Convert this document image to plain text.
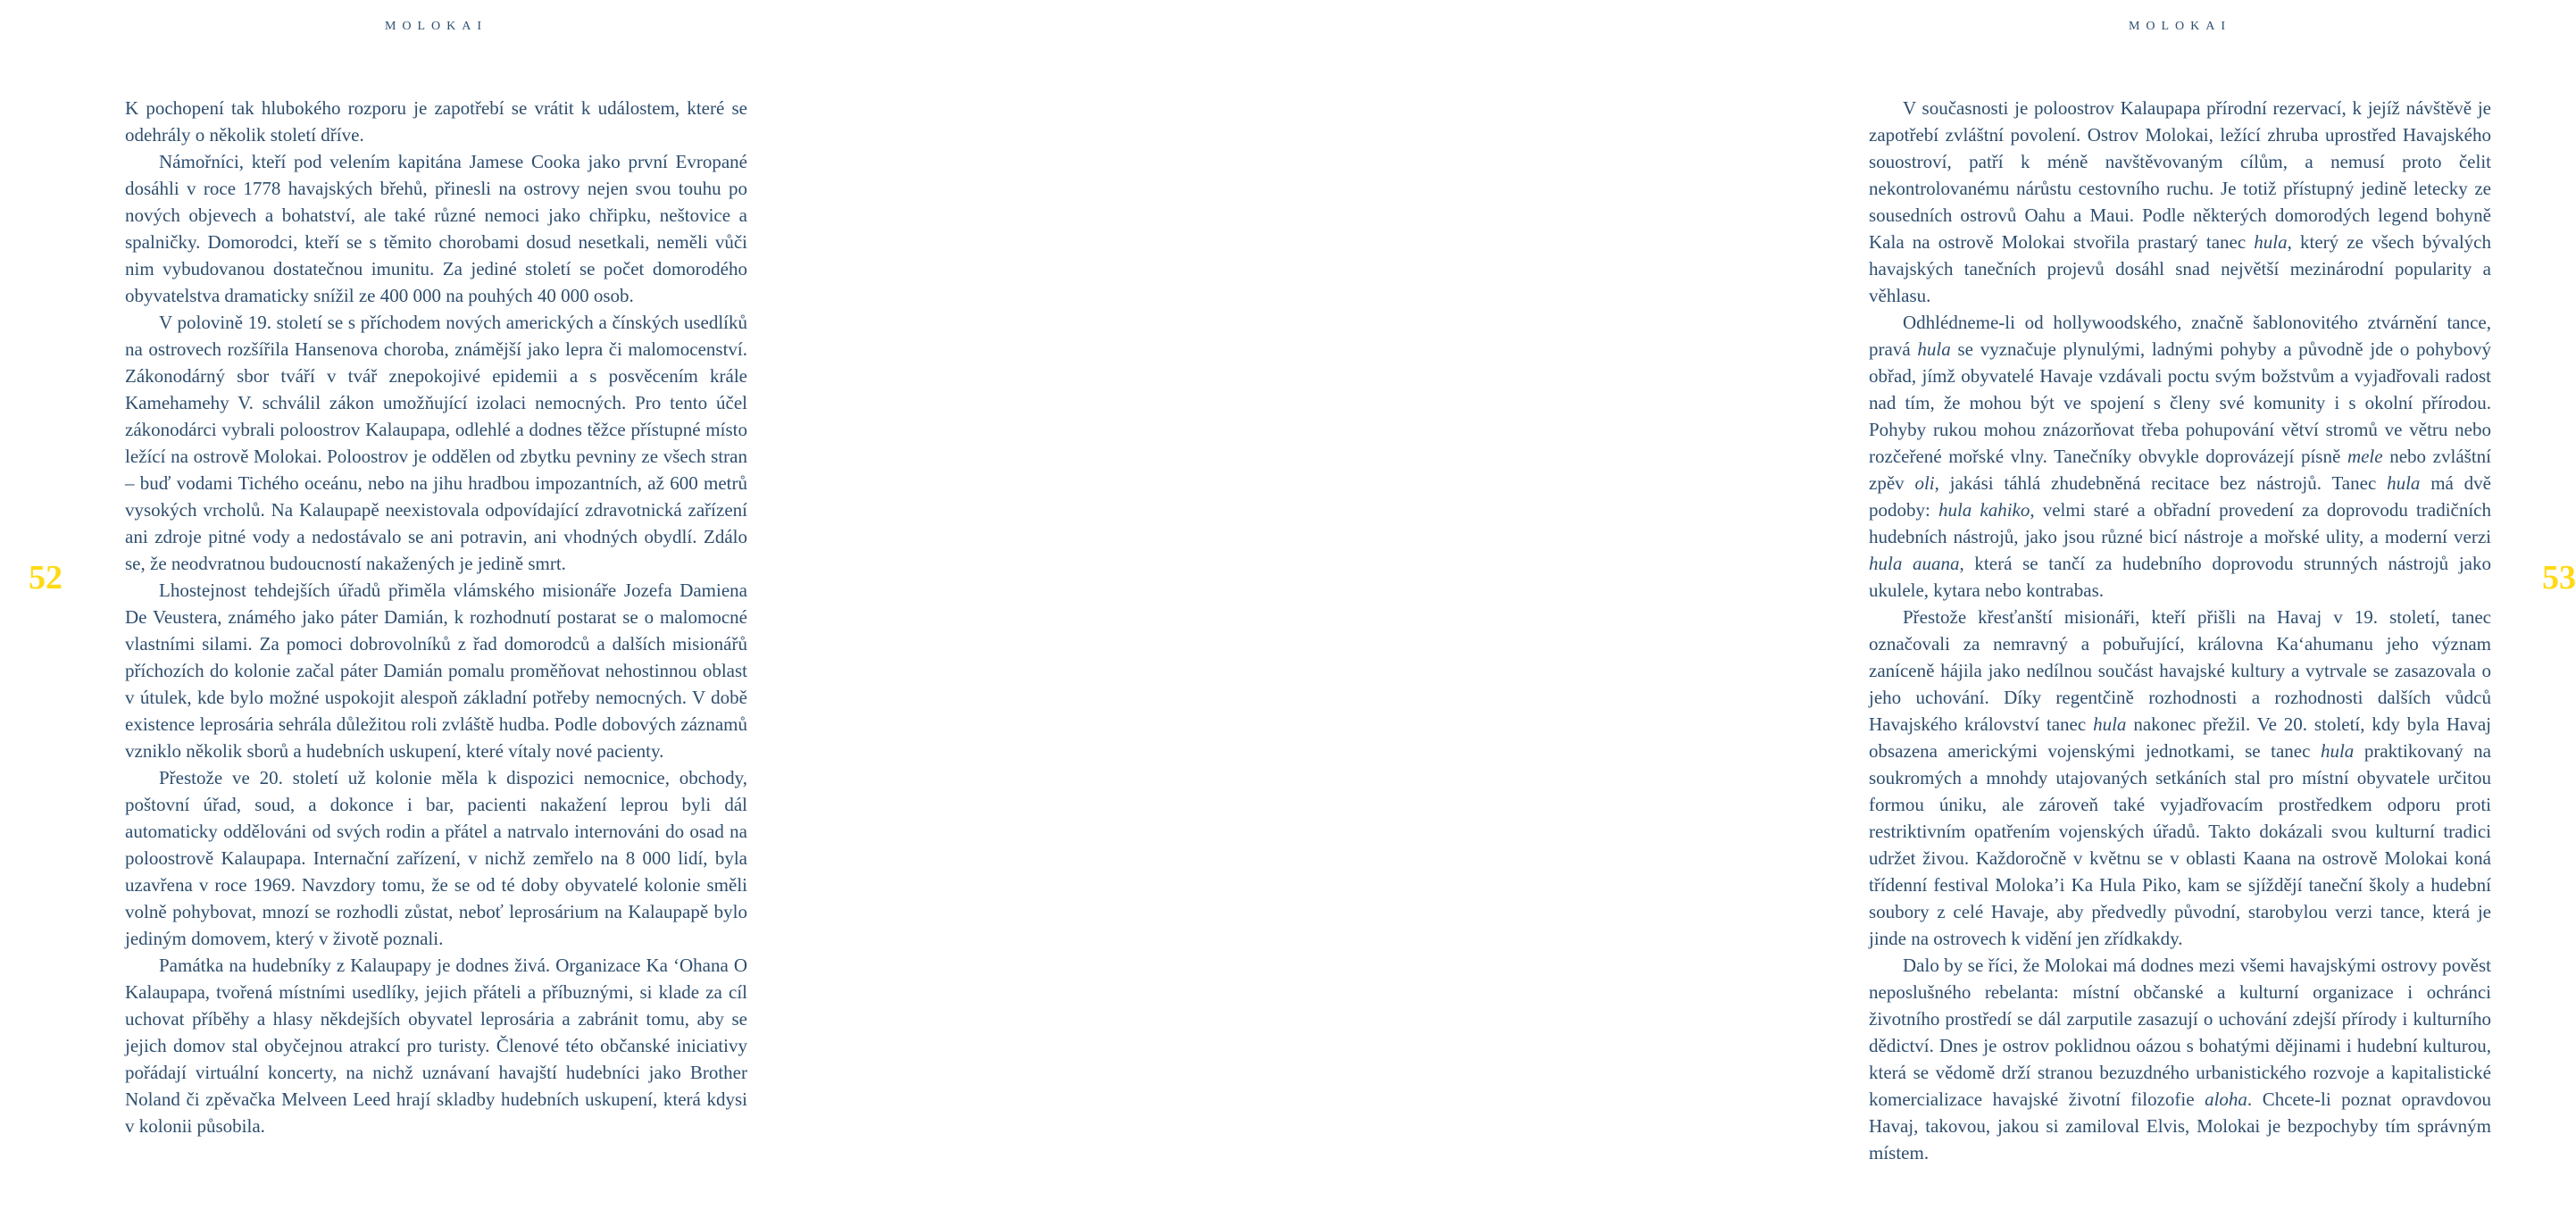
MOLOKAI
52

K pochopení tak hlubokého rozporu je zapotřebí se vrátit k událostem, které se odehrály o několik století dříve.

Námořníci, kteří pod velením kapitána Jamese Cooka jako první Evropané dosáhli v roce 1778 havajských břehů, přinesli na ostrovy nejen svou touhu po nových objevech a bohatství, ale také různé nemoci jako chřipku, neštovice a spalničky. Domorodci, kteří se s těmito chorobami dosud nesetkali, neměli vůči nim vybudovanou dostatečnou imunitu. Za jediné století se počet domorodého obyvatelstva dramaticky snížil ze 400 000 na pouhých 40 000 osob.

V polovině 19. století se s příchodem nových amerických a čínských usedlíků na ostrovech rozšířila Hansenova choroba, známější jako lepra či malomocenství. Zákonodárný sbor tváří v tvář znepokojivé epidemii a s posvěcením krále Kamehamehy V. schválil zákon umožňující izolaci nemocných. Pro tento účel zákonodárci vybrali poloostrov Kalaupapa, odlehlé a dodnes těžce přístupné místo ležící na ostrově Molokai. Poloostrov je oddělen od zbytku pevniny ze všech stran – buď vodami Tichého oceánu, nebo na jihu hradbou impozantních, až 600 metrů vysokých vrcholů. Na Kalaupapě neexistovala odpovídající zdravotnická zařízení ani zdroje pitné vody a nedostávalo se ani potravin, ani vhodných obydlí. Zdálo se, že neodvratnou budoucností nakažených je jedině smrt.

Lhostejnost tehdejších úřadů přiměla vlámského misionáře Jozefa Damiena De Veustera, známého jako páter Damián, k rozhodnutí postarat se o malomocné vlastními silami. Za pomoci dobrovolníků z řad domorodců a dalších misionářů příchozích do kolonie začal páter Damián pomalu proměňovat nehostinnou oblast v útulek, kde bylo možné uspokojit alespoň základní potřeby nemocných. V době existence leprosária sehrála důležitou roli zvláště hudba. Podle dobových záznamů vzniklo několik sborů a hudebních uskupení, které vítaly nové pacienty.

Přestože ve 20. století už kolonie měla k dispozici nemocnice, obchody, poštovní úřad, soud, a dokonce i bar, pacienti nakažení leprou byli dál automaticky oddělováni od svých rodin a přátel a natrvalo internováni do osad na poloostrově Kalaupapa. Internační zařízení, v nichž zemřelo na 8 000 lidí, byla uzavřena v roce 1969. Navzdory tomu, že se od té doby obyvatelé kolonie směli volně pohybovat, mnozí se rozhodli zůstat, neboť leprosárium na Kalaupapě bylo jediným domovem, který v životě poznali.

Památka na hudebníky z Kalaupapy je dodnes živá. Organizace Ka ‘Ohana O Kalaupapa, tvořená místními usedlíky, jejich přáteli a příbuznými, si klade za cíl uchovat příběhy a hlasy někdejších obyvatel leprosária a zabránit tomu, aby se jejich domov stal obyčejnou atrakcí pro turisty. Členové této občanské iniciativy pořádají virtuální koncerty, na nichž uznávaní havajští hudebníci jako Brother Noland či zpěvačka Melveen Leed hrají skladby hudebních uskupení, která kdysi v kolonii působila.

MOLOKAI
53

V současnosti je poloostrov Kalaupapa přírodní rezervací, k jejíž návštěvě je zapotřebí zvláštní povolení. Ostrov Molokai, ležící zhruba uprostřed Havajského souostroví, patří k méně navštěvovaným cílům, a nemusí proto čelit nekontrolovanému nárůstu cestovního ruchu. Je totiž přístupný jedině letecky ze sousedních ostrovů Oahu a Maui. Podle některých domorodých legend bohyně Kala na ostrově Molokai stvořila prastarý tanec hula, který ze všech bývalých havajských tanečních projevů dosáhl snad největší mezinárodní popularity a věhlasu.

Odhlédneme-li od hollywoodského, značně šablonovitého ztvárnění tance, pravá hula se vyznačuje plynulými, ladnými pohyby a původně jde o pohybový obřad, jímž obyvatelé Havaje vzdávali poctu svým božstvům a vyjadřovali radost nad tím, že mohou být ve spojení s členy své komunity i s okolní přírodou. Pohyby rukou mohou znázorňovat třeba pohupování větví stromů ve větru nebo rozčeřené mořské vlny. Tanečníky obvykle doprovázejí písně mele nebo zvláštní zpěv oli, jakási táhlá zhudebněná recitace bez nástrojů. Tanec hula má dvě podoby: hula kahiko, velmi staré a obřadní provedení za doprovodu tradičních hudebních nástrojů, jako jsou různé bicí nástroje a mořské ulity, a moderní verzi hula auana, která se tančí za hudebního doprovodu strunných nástrojů jako ukulele, kytara nebo kontrabas.

Přestože křesťanští misionáři, kteří přišli na Havaj v 19. století, tanec označovali za nemravný a pobuřující, královna Ka‘ahumanu jeho význam zaníceně hájila jako nedílnou součást havajské kultury a vytrvale se zasazovala o jeho uchování. Díky regentčině rozhodnosti a rozhodnosti dalších vůdců Havajského království tanec hula nakonec přežil. Ve 20. století, kdy byla Havaj obsazena americkými vojenskými jednotkami, se tanec hula praktikovaný na soukromých a mnohdy utajovaných setkáních stal pro místní obyvatele určitou formou úniku, ale zároveň také vyjadřovacím prostředkem odporu proti restriktivním opatřením vojenských úřadů. Takto dokázali svou kulturní tradici udržet živou. Každoročně v květnu se v oblasti Kaana na ostrově Molokai koná třídenní festival Moloka’i Ka Hula Piko, kam se sjíždějí taneční školy a hudební soubory z celé Havaje, aby předvedly původní, starobylou verzi tance, která je jinde na ostrovech k vidění jen zřídkakdy.

Dalo by se říci, že Molokai má dodnes mezi všemi havajskými ostrovy pověst neposlušného rebelanta: místní občanské a kulturní organizace i ochránci životního prostředí se dál zarputile zasazují o uchování zdejší přírody i kulturního dědictví. Dnes je ostrov poklidnou oázou s bohatými dějinami i hudební kulturou, která se vědomě drží stranou bezuzdného urbanistického rozvoje a kapitalistické komercializace havajské životní filozofie aloha. Chcete-li poznat opravdovou Havaj, takovou, jakou si zamiloval Elvis, Molokai je bezpochyby tím správným místem.
